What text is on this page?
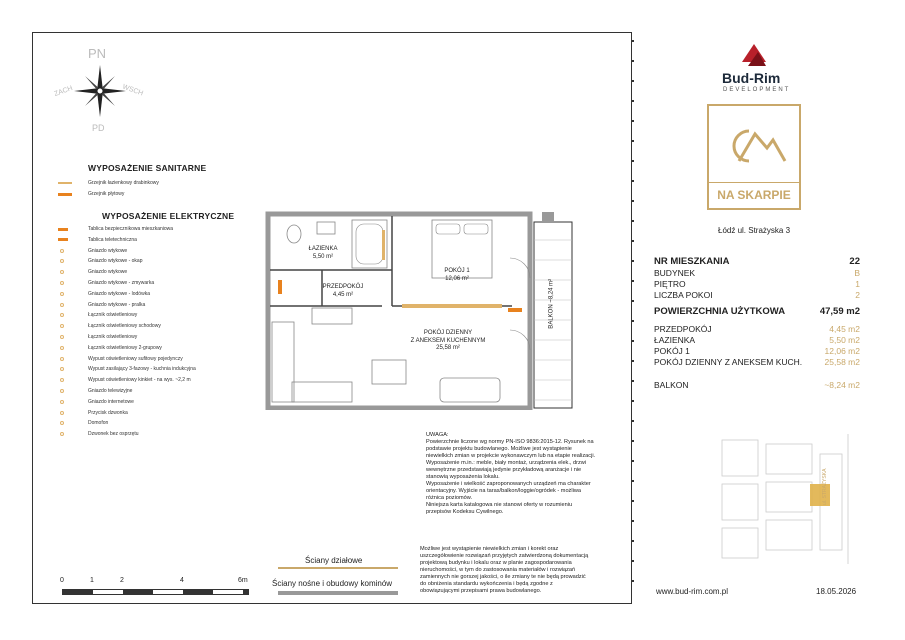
PN
PD
ZACH	WSCH
WYPOSAŻENIE SANITARNE
Grzejnik łazienkowy drabinkowy
Grzejnik płytowy
WYPOSAŻENIE ELEKTRYCZNE
Tablica bezpiecznikowa mieszkaniowa
Tablica teletechniczna
Gniazdo wtykowe
Gniazdo wtykowe - okap
Gniazdo wtykowe
Gniazdo wtykowe - zmywarka
Gniazdo wtykowe - lodówka
Gniazdo wtykowe - pralka
Łącznik oświetleniowy
Łącznik oświetleniowy schodowy
Łącznik oświetleniowy
Łącznik oświetleniowy 2-grupowy
Wypust oświetleniowy sufitowy pojedynczy
Wypust zasilający 3-fazowy - kuchnia indukcyjna
Wypust oświetleniowy kinkiet - na wys. ~2,2 m
Gniazdo telewizyjne
Gniazdo internetowe
Przycisk dzwonka
Domofon
Dzwonek bez osprzętu
ŁAZIENKA
5,50 m²
PRZEDPOKÓJ
4,45 m²
POKÓJ 1
12,06 m²
POKÓJ DZIENNY
Z ANEKSEM KUCHENNYM
25,58 m²
BALKON ~8,24 m²
UWAGA:
Powierzchnie liczone wg normy PN-ISO 9836:2015-12. Rysunek na
podstawie projektu budowlanego. Możliwe jest wystąpienie
niewielkich zmian w projekcie wykonawczym lub na etapie realizacji.
Wyposażenie m.in.: meble, biały montaż, urządzenia elek., drzwi
wewnętrzne przedstawiają jedynie przykładową aranżacje i nie
stanowią wyposażenia lokalu.
Wyposażenie i wielkość zaproponowanych urządzeń ma charakter
orientacyjny. Wyjście na taras/balkon/loggie/ogródek - możliwa
różnica poziomów.
Niniejsza karta katalogowa nie stanowi oferty w rozumieniu
przepisów Kodeksu Cywilnego.
Możliwe jest wystąpienie niewielkich zmian i korekt oraz
uszczegółowienie rozwiązań przyjętych zatwierdzoną dokumentacją
projektową budynku i lokalu oraz w planie zagospodarowania
nieruchomości, w tym do zastosowania materiałów i rozwiązań
zamiennych nie gorszej jakości, o ile zmiany te nie będą prowadzić
do obniżenia standardu wykończenia i będą zgodne z
obowiązującymi przepisami prawa budowlanego.
Ściany działowe
Ściany nośne i obudowy kominów
0	1	2	4	6m
Bud-Rim
DEVELOPMENT
NA SKARPIE
Łódź ul. Strażyska 3
NR MIESZKANIA	22
BUDYNEK	B
PIĘTRO	1
LICZBA POKOI	2
POWIERZCHNIA UŻYTKOWA	47,59 m2
PRZEDPOKÓJ	4,45 m2
ŁAZIENKA	5,50 m2
POKÓJ 1	12,06 m2
POKÓJ DZIENNY Z ANEKSEM KUCH.	25,58 m2
BALKON	~8,24 m2
ul. STRAŻYSKA
www.bud-rim.com.pl	18.05.2026
